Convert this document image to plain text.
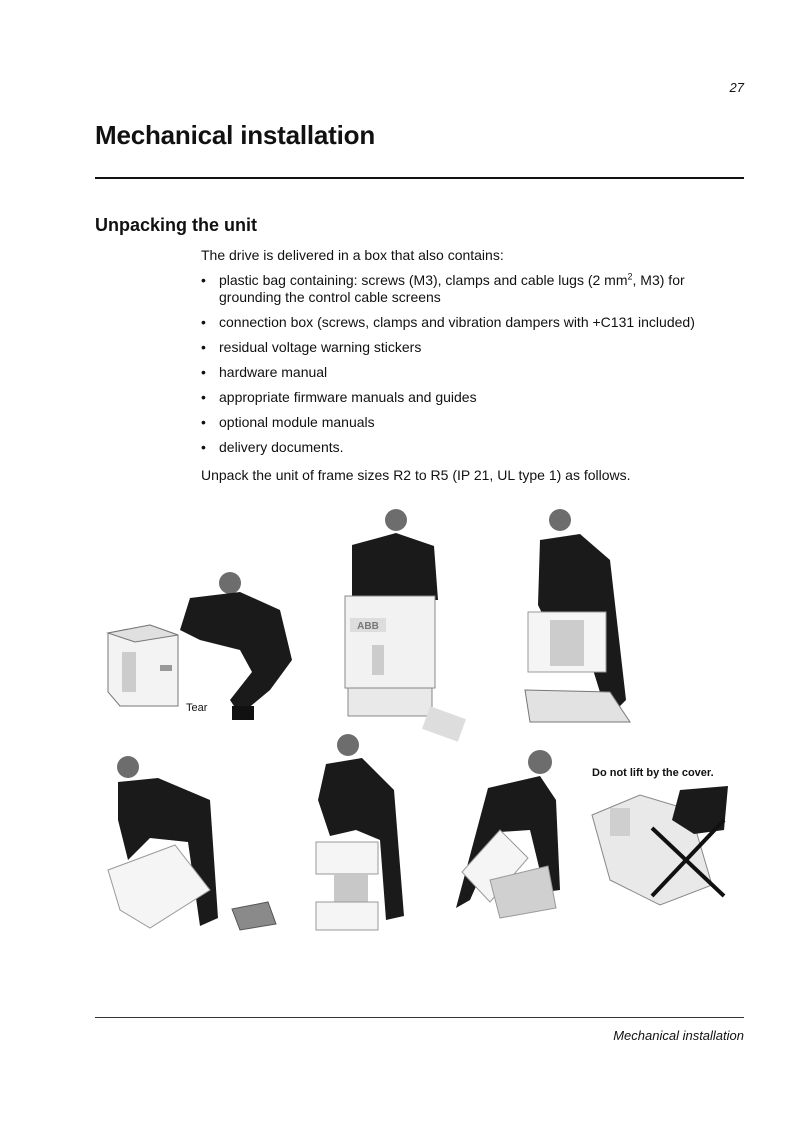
27
Mechanical installation
Unpacking the unit
The drive is delivered in a box that also contains:
• plastic bag containing: screws (M3), clamps and cable lugs (2 $mm^2$, M3) for grounding the control cable screens
• connection box (screws, clamps and vibration dampers with +C131 included)
• residual voltage warning stickers
• hardware manual
• appropriate firmware manuals and guides
• optional module manuals
• delivery documents.
Unpack the unit of frame sizes R2 to R5 (IP 21, UL type 1) as follows.
ABB
Tear
Do not lift by the cover.
Mechanical installation
